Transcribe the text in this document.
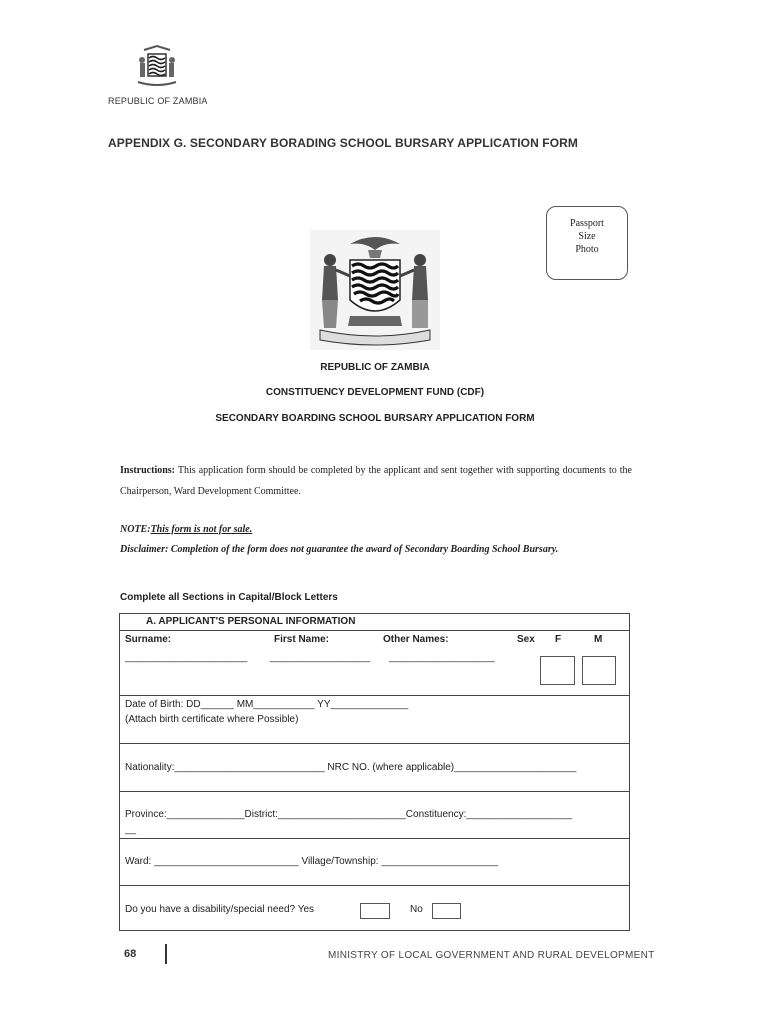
REPUBLIC OF ZAMBIA
APPENDIX G. SECONDARY BORADING SCHOOL BURSARY APPLICATION FORM
Passport
Size
Photo
REPUBLIC OF ZAMBIA
CONSTITUENCY DEVELOPMENT FUND (CDF)
SECONDARY BOARDING SCHOOL BURSARY APPLICATION FORM
Instructions: This application form should be completed by the applicant and sent together with supporting documents to the Chairperson, Ward Development Committee.
NOTE:This form is not for sale.
Disclaimer: Completion of the form does not guarantee the award of Secondary Boarding School Bursary.
Complete all Sections in Capital/Block Letters
A. APPLICANT'S PERSONAL INFORMATION
Surname:	First Name:	Other Names:	Sex F	M
______________________ __________________ ___________________
Date of Birth: DD______ MM___________ YY______________
(Attach birth certificate where Possible)
Nationality:___________________________ NRC NO. (where applicable)______________________
Province:______________District:_______________________Constituency:___________________
__
Ward: __________________________ Village/Township: _____________________
Do you have a disability/special need? Yes	No
68	MINISTRY OF LOCAL GOVERNMENT AND RURAL DEVELOPMENT
